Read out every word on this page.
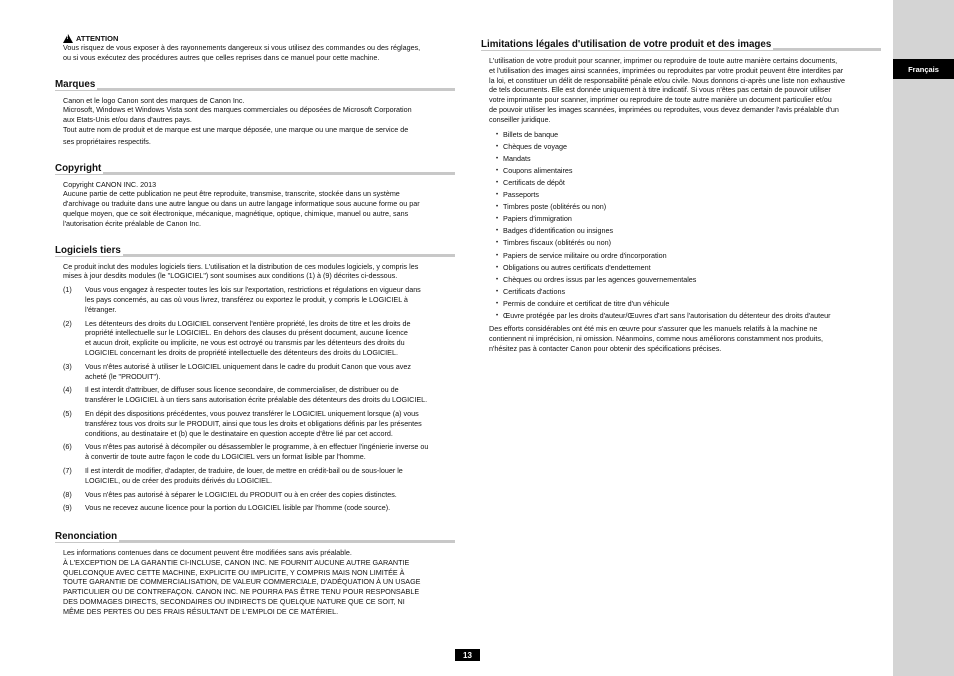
Français
!
ATTENTION

Vous risquez de vous exposer à des rayonnements dangereux si vous utilisez des commandes ou des réglages,

ou si vous exécutez des procédures autres que celles reprises dans ce manuel pour cette machine.

Marques

Canon et le logo Canon sont des marques de Canon Inc.

Microsoft, Windows et Windows Vista sont des marques commerciales ou déposées de Microsoft Corporation

aux Etats-Unis et/ou dans d'autres pays.

Tout autre nom de produit et de marque est une marque déposée, une marque ou une marque de service de

ses propriétaires respectifs.

Copyright

Copyright CANON INC. 2013

Aucune partie de cette publication ne peut être reproduite, transmise, transcrite, stockée dans un système

d'archivage ou traduite dans une autre langue ou dans un autre langage informatique sous aucune forme ou par

quelque moyen, que ce soit électronique, mécanique, magnétique, optique, chimique, manuel ou autre, sans

l'autorisation écrite préalable de Canon Inc.

Logiciels tiers

Ce produit inclut des modules logiciels tiers. L'utilisation et la distribution de ces modules logiciels, y compris les

mises à jour desdits modules (le "LOGICIEL") sont soumises aux conditions (1) à (9) décrites ci-dessous.

(1)	Vous vous engagez à respecter toutes les lois sur l'exportation, restrictions et régulations en vigueur dans
les pays concernés, au cas où vous livrez, transférez ou exportez le produit, y compris le LOGICIEL à
l'étranger.
(2)	Les détenteurs des droits du LOGICIEL conservent l'entière propriété, les droits de titre et les droits de
propriété intellectuelle sur le LOGICIEL. En dehors des clauses du présent document, aucune licence
et aucun droit, explicite ou implicite, ne vous est octroyé ou transmis par les détenteurs des droits du
LOGICIEL concernant les droits de propriété intellectuelle des détenteurs des droits du LOGICIEL.
(3)	Vous n'êtes autorisé à utiliser le LOGICIEL uniquement dans le cadre du produit Canon que vous avez
acheté (le "PRODUIT").
(4)	Il est interdit d'attribuer, de diffuser sous licence secondaire, de commercialiser, de distribuer ou de
transférer le LOGICIEL à un tiers sans autorisation écrite préalable des détenteurs des droits du LOGICIEL.
(5)	En dépit des dispositions précédentes, vous pouvez transférer le LOGICIEL uniquement lorsque (a) vous
transférez tous vos droits sur le PRODUIT, ainsi que tous les droits et obligations définis par les présentes
conditions, au destinataire et (b) que le destinataire en question accepte d'être lié par cet accord.
(6)	Vous n'êtes pas autorisé à décompiler ou désassembler le programme, à en effectuer l'ingénierie inverse ou
à convertir de toute autre façon le code du LOGICIEL vers un format lisible par l'homme.
(7)	Il est interdit de modifier, d'adapter, de traduire, de louer, de mettre en crédit-bail ou de sous-louer le
LOGICIEL, ou de créer des produits dérivés du LOGICIEL.
(8)	Vous n'êtes pas autorisé à séparer le LOGICIEL du PRODUIT ou à en créer des copies distinctes.
(9)	Vous ne recevez aucune licence pour la portion du LOGICIEL lisible par l'homme (code source).
Renonciation

Les informations contenues dans ce document peuvent être modifiées sans avis préalable.

À L'EXCEPTION DE LA GARANTIE CI-INCLUSE, CANON INC. NE FOURNIT AUCUNE AUTRE GARANTIE

QUELCONQUE AVEC CETTE MACHINE, EXPLICITE OU IMPLICITE, Y COMPRIS MAIS NON LIMITÉE À

TOUTE GARANTIE DE COMMERCIALISATION, DE VALEUR COMMERCIALE, D'ADÉQUATION À UN USAGE

PARTICULIER OU DE CONTREFAÇON. CANON INC. NE POURRA PAS ÊTRE TENU POUR RESPONSABLE

DES DOMMAGES DIRECTS, SECONDAIRES OU INDIRECTS DE QUELQUE NATURE QUE CE SOIT, NI

MÊME DES PERTES OU DES FRAIS RÉSULTANT DE L'EMPLOI DE CE MATÉRIEL.

Limitations légales d'utilisation de votre produit et des images

L'utilisation de votre produit pour scanner, imprimer ou reproduire de toute autre manière certains documents,

et l'utilisation des images ainsi scannées, imprimées ou reproduites par votre produit peuvent être interdites par

la loi, et constituer un délit de responsabilité pénale et/ou civile. Nous donnons ci-après une liste non exhaustive

de tels documents. Elle est donnée uniquement à titre indicatif. Si vous n'êtes pas certain de pouvoir utiliser

votre imprimante pour scanner, imprimer ou reproduire de toute autre manière un document particulier et/ou

de pouvoir utiliser les images scannées, imprimées ou reproduites, vous devez demander l'avis préalable d'un

conseiller juridique.

• Billets de banque
• Chèques de voyage
• Mandats
• Coupons alimentaires
• Certificats de dépôt
• Passeports
• Timbres poste (oblitérés ou non)
• Papiers d'immigration
• Badges d'identification ou insignes
• Timbres fiscaux (oblitérés ou non)
• Papiers de service militaire ou ordre d'incorporation
• Obligations ou autres certificats d'endettement
• Chèques ou ordres issus par les agences gouvernementales
• Certificats d'actions
• Permis de conduire et certificat de titre d'un véhicule
• Œuvre protégée par les droits d'auteur/Œuvres d'art sans l'autorisation du détenteur des droits d'auteur

Des efforts considérables ont été mis en œuvre pour s'assurer que les manuels relatifs à la machine ne

contiennent ni imprécision, ni omission. Néanmoins, comme nous améliorons constamment nos produits,

n'hésitez pas à contacter Canon pour obtenir des spécifications précises.

13
